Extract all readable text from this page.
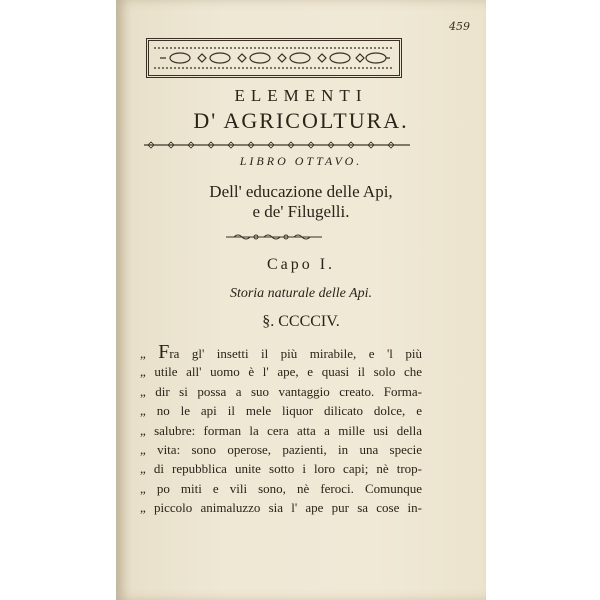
459
ELEMENTI
D' AGRICOLTURA.
LIBRO OTTAVO.
Dell' educazione delle Api,
e de' Filugelli.
Capo I.
Storia naturale delle Api.
§. CCCCIV.
„ Fra gl' insetti il più mirabile, e 'l più
„ utile all' uomo è l' ape, e quasi il solo che
„ dir si possa a suo vantaggio creato. Forma-
„ no le api il mele liquor dilicato dolce, e
„ salubre: forman la cera atta a mille usi della
„ vita: sono operose, pazienti, in una specie
„ di repubblica unite sotto i loro capi; nè trop-
„ po miti e vili sono, nè feroci. Comunque
„ piccolo animaluzzo sia l' ape pur sa cose in-
